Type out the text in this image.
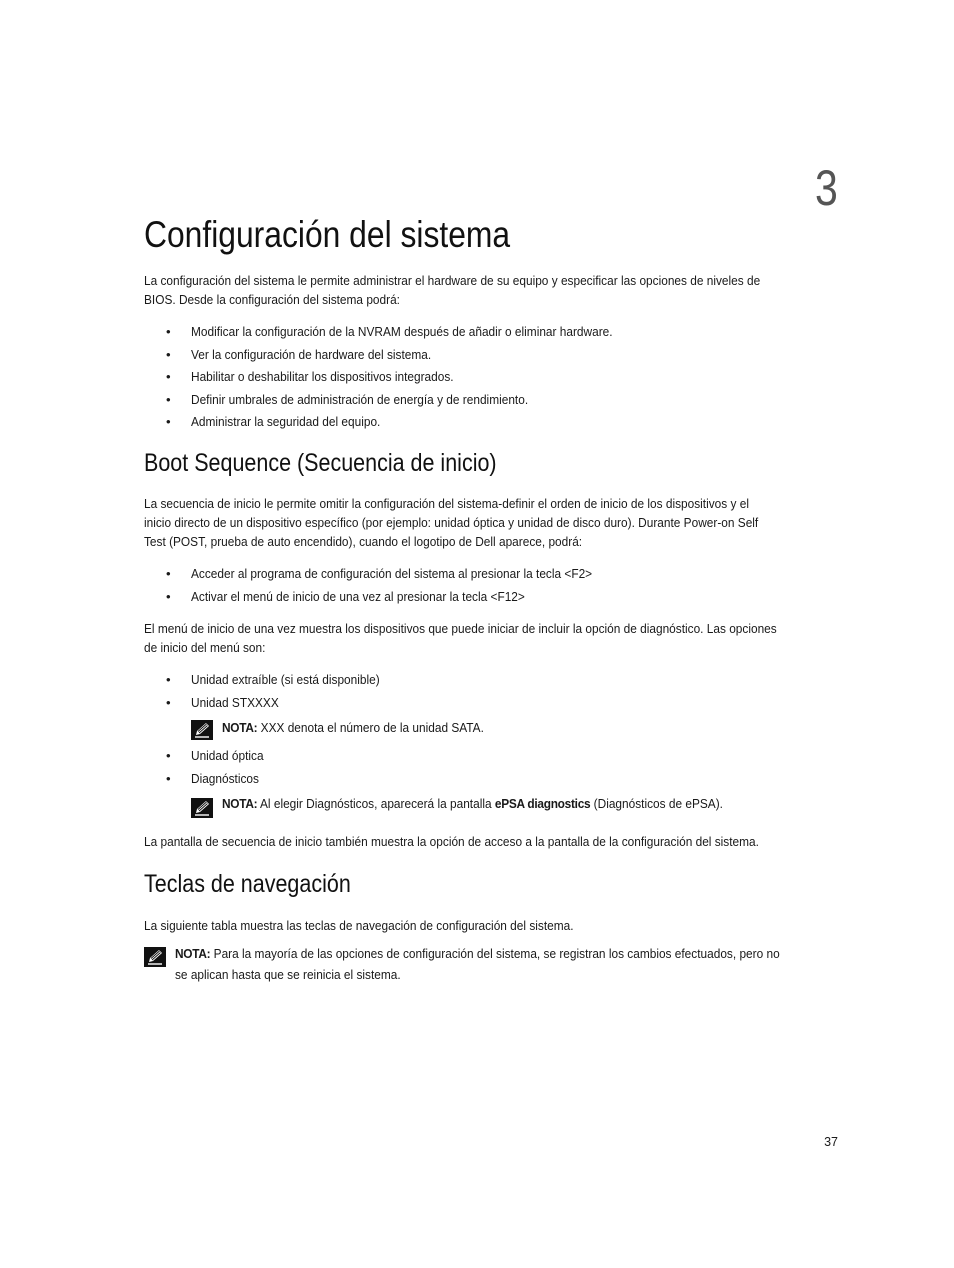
3
Configuración del sistema

La configuración del sistema le permite administrar el hardware de su equipo y especificar las opciones de niveles de
BIOS. Desde la configuración del sistema podrá:

• Modificar la configuración de la NVRAM después de añadir o eliminar hardware.
• Ver la configuración de hardware del sistema.
• Habilitar o deshabilitar los dispositivos integrados.
• Definir umbrales de administración de energía y de rendimiento.
• Administrar la seguridad del equipo.
Boot Sequence (Secuencia de inicio)

La secuencia de inicio le permite omitir la configuración del sistema-definir el orden de inicio de los dispositivos y el
inicio directo de un dispositivo específico (por ejemplo: unidad óptica y unidad de disco duro). Durante Power-on Self
Test (POST, prueba de auto encendido), cuando el logotipo de Dell aparece, podrá:

• Acceder al programa de configuración del sistema al presionar la tecla <F2>
• Activar el menú de inicio de una vez al presionar la tecla <F12>

El menú de inicio de una vez muestra los dispositivos que puede iniciar de incluir la opción de diagnóstico. Las opciones
de inicio del menú son:

• Unidad extraíble (si está disponible)
• Unidad STXXXX
NOTA: XXX denota el número de la unidad SATA.
• Unidad óptica
• Diagnósticos
NOTA: Al elegir Diagnósticos, aparecerá la pantalla ePSA diagnostics (Diagnósticos de ePSA).

La pantalla de secuencia de inicio también muestra la opción de acceso a la pantalla de la configuración del sistema.

Teclas de navegación

La siguiente tabla muestra las teclas de navegación de configuración del sistema.

NOTA: Para la mayoría de las opciones de configuración del sistema, se registran los cambios efectuados, pero no
se aplican hasta que se reinicia el sistema.
37
